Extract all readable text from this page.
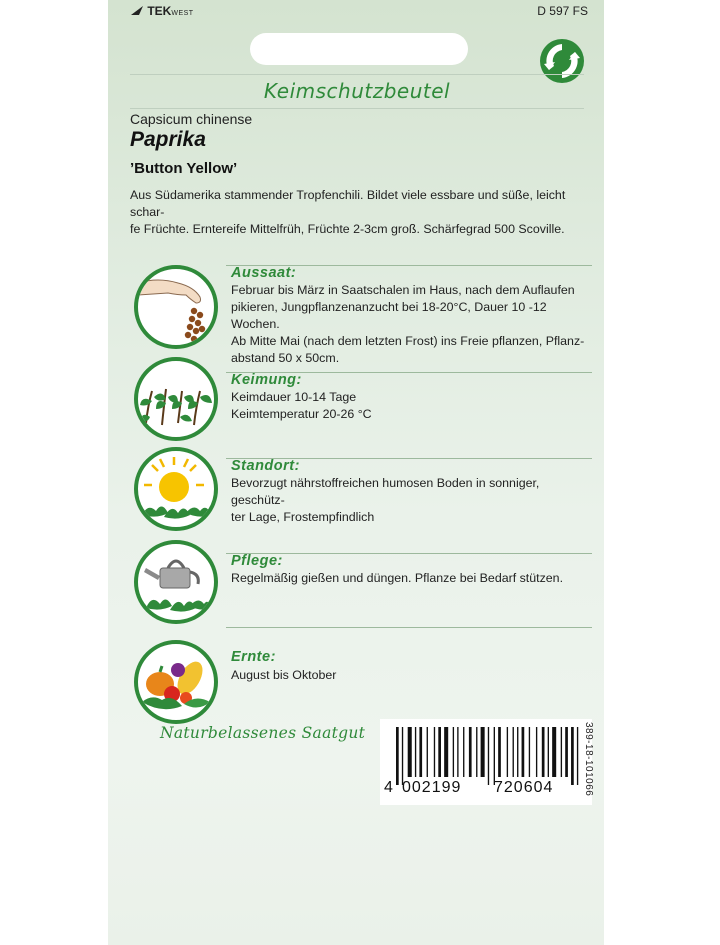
TEKWEST	D 597 FS
Keimschutzbeutel
Capsicum chinense
Paprika
’Button Yellow’
Aus Südamerika stammender Tropfenchili. Bildet viele essbare und süße, leicht schar-
fe Früchte. Erntereife Mittelfrüh, Früchte 2-3cm groß. Schärfegrad 500 Scoville.
Aussaat:
Februar bis März in Saatschalen im Haus, nach dem Auflaufen
pikieren, Jungpflanzenanzucht bei 18-20°C, Dauer 10 -12 Wochen.
Ab Mitte Mai (nach dem letzten Frost) ins Freie pflanzen, Pflanz-
abstand 50 x 50cm.
Keimung:
Keimdauer 10-14 Tage
Keimtemperatur 20-26 °C
Standort:
Bevorzugt nährstoffreichen humosen Boden in sonniger, geschütz-
ter Lage, Frostempfindlich
Pflege:
Regelmäßig gießen und düngen. Pflanze bei Bedarf stützen.
Ernte:
August bis Oktober
Naturbelassenes Saatgut
4 002199 720604	389-18-101066
